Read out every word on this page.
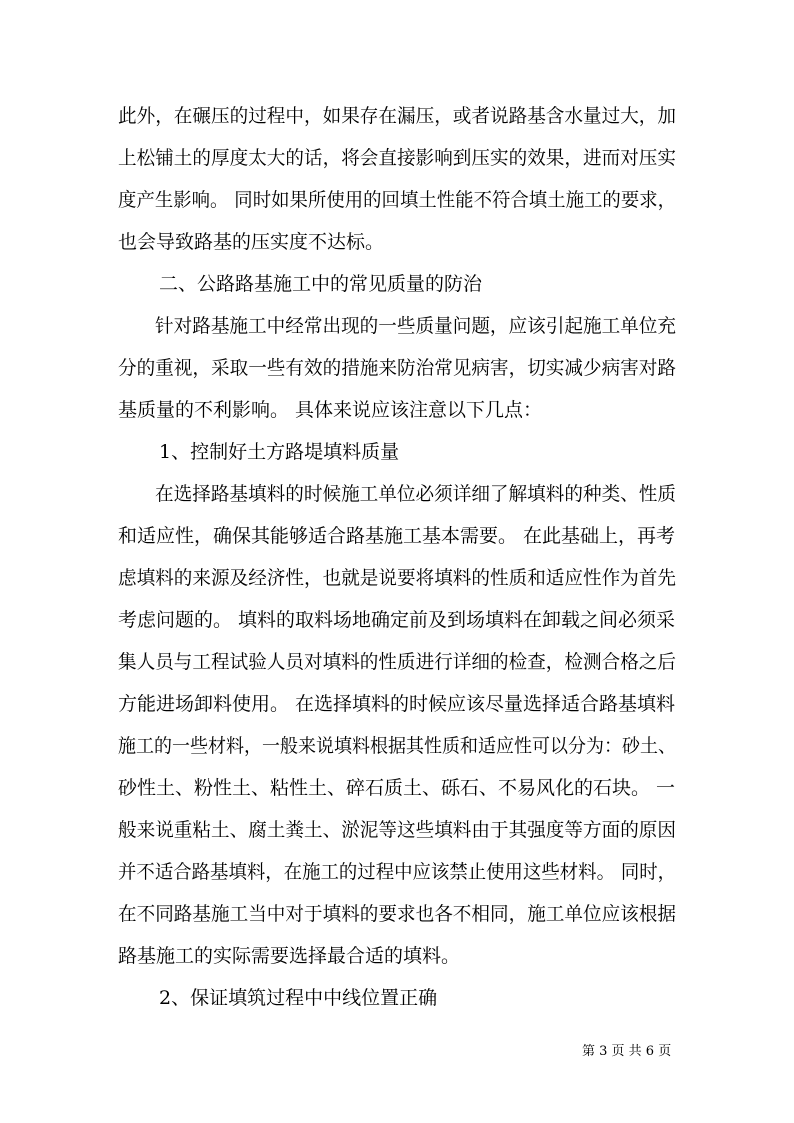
此外，在碾压的过程中，如果存在漏压，或者说路基含水量过大，加
上松铺土的厚度太大的话，将会直接影响到压实的效果，进而对压实
度产生影响。 同时如果所使用的回填土性能不符合填土施工的要求，
也会导致路基的压实度不达标。
二、公路路基施工中的常见质量的防治
针对路基施工中经常出现的一些质量问题，应该引起施工单位充
分的重视，采取一些有效的措施来防治常见病害，切实减少病害对路
基质量的不利影响。 具体来说应该注意以下几点：
1、控制好土方路堤填料质量
在选择路基填料的时候施工单位必须详细了解填料的种类、性质
和适应性，确保其能够适合路基施工基本需要。 在此基础上，再考
虑填料的来源及经济性，也就是说要将填料的性质和适应性作为首先
考虑问题的。 填料的取料场地确定前及到场填料在卸载之间必须采
集人员与工程试验人员对填料的性质进行详细的检查，检测合格之后
方能进场卸料使用。 在选择填料的时候应该尽量选择适合路基填料
施工的一些材料，一般来说填料根据其性质和适应性可以分为：砂土、
砂性土、粉性土、粘性土、碎石质土、砾石、不易风化的石块。 一
般来说重粘土、腐土粪土、淤泥等这些填料由于其强度等方面的原因
并不适合路基填料，在施工的过程中应该禁止使用这些材料。 同时，
在不同路基施工当中对于填料的要求也各不相同，施工单位应该根据
路基施工的实际需要选择最合适的填料。
2、保证填筑过程中中线位置正确
第 3 页 共 6 页
